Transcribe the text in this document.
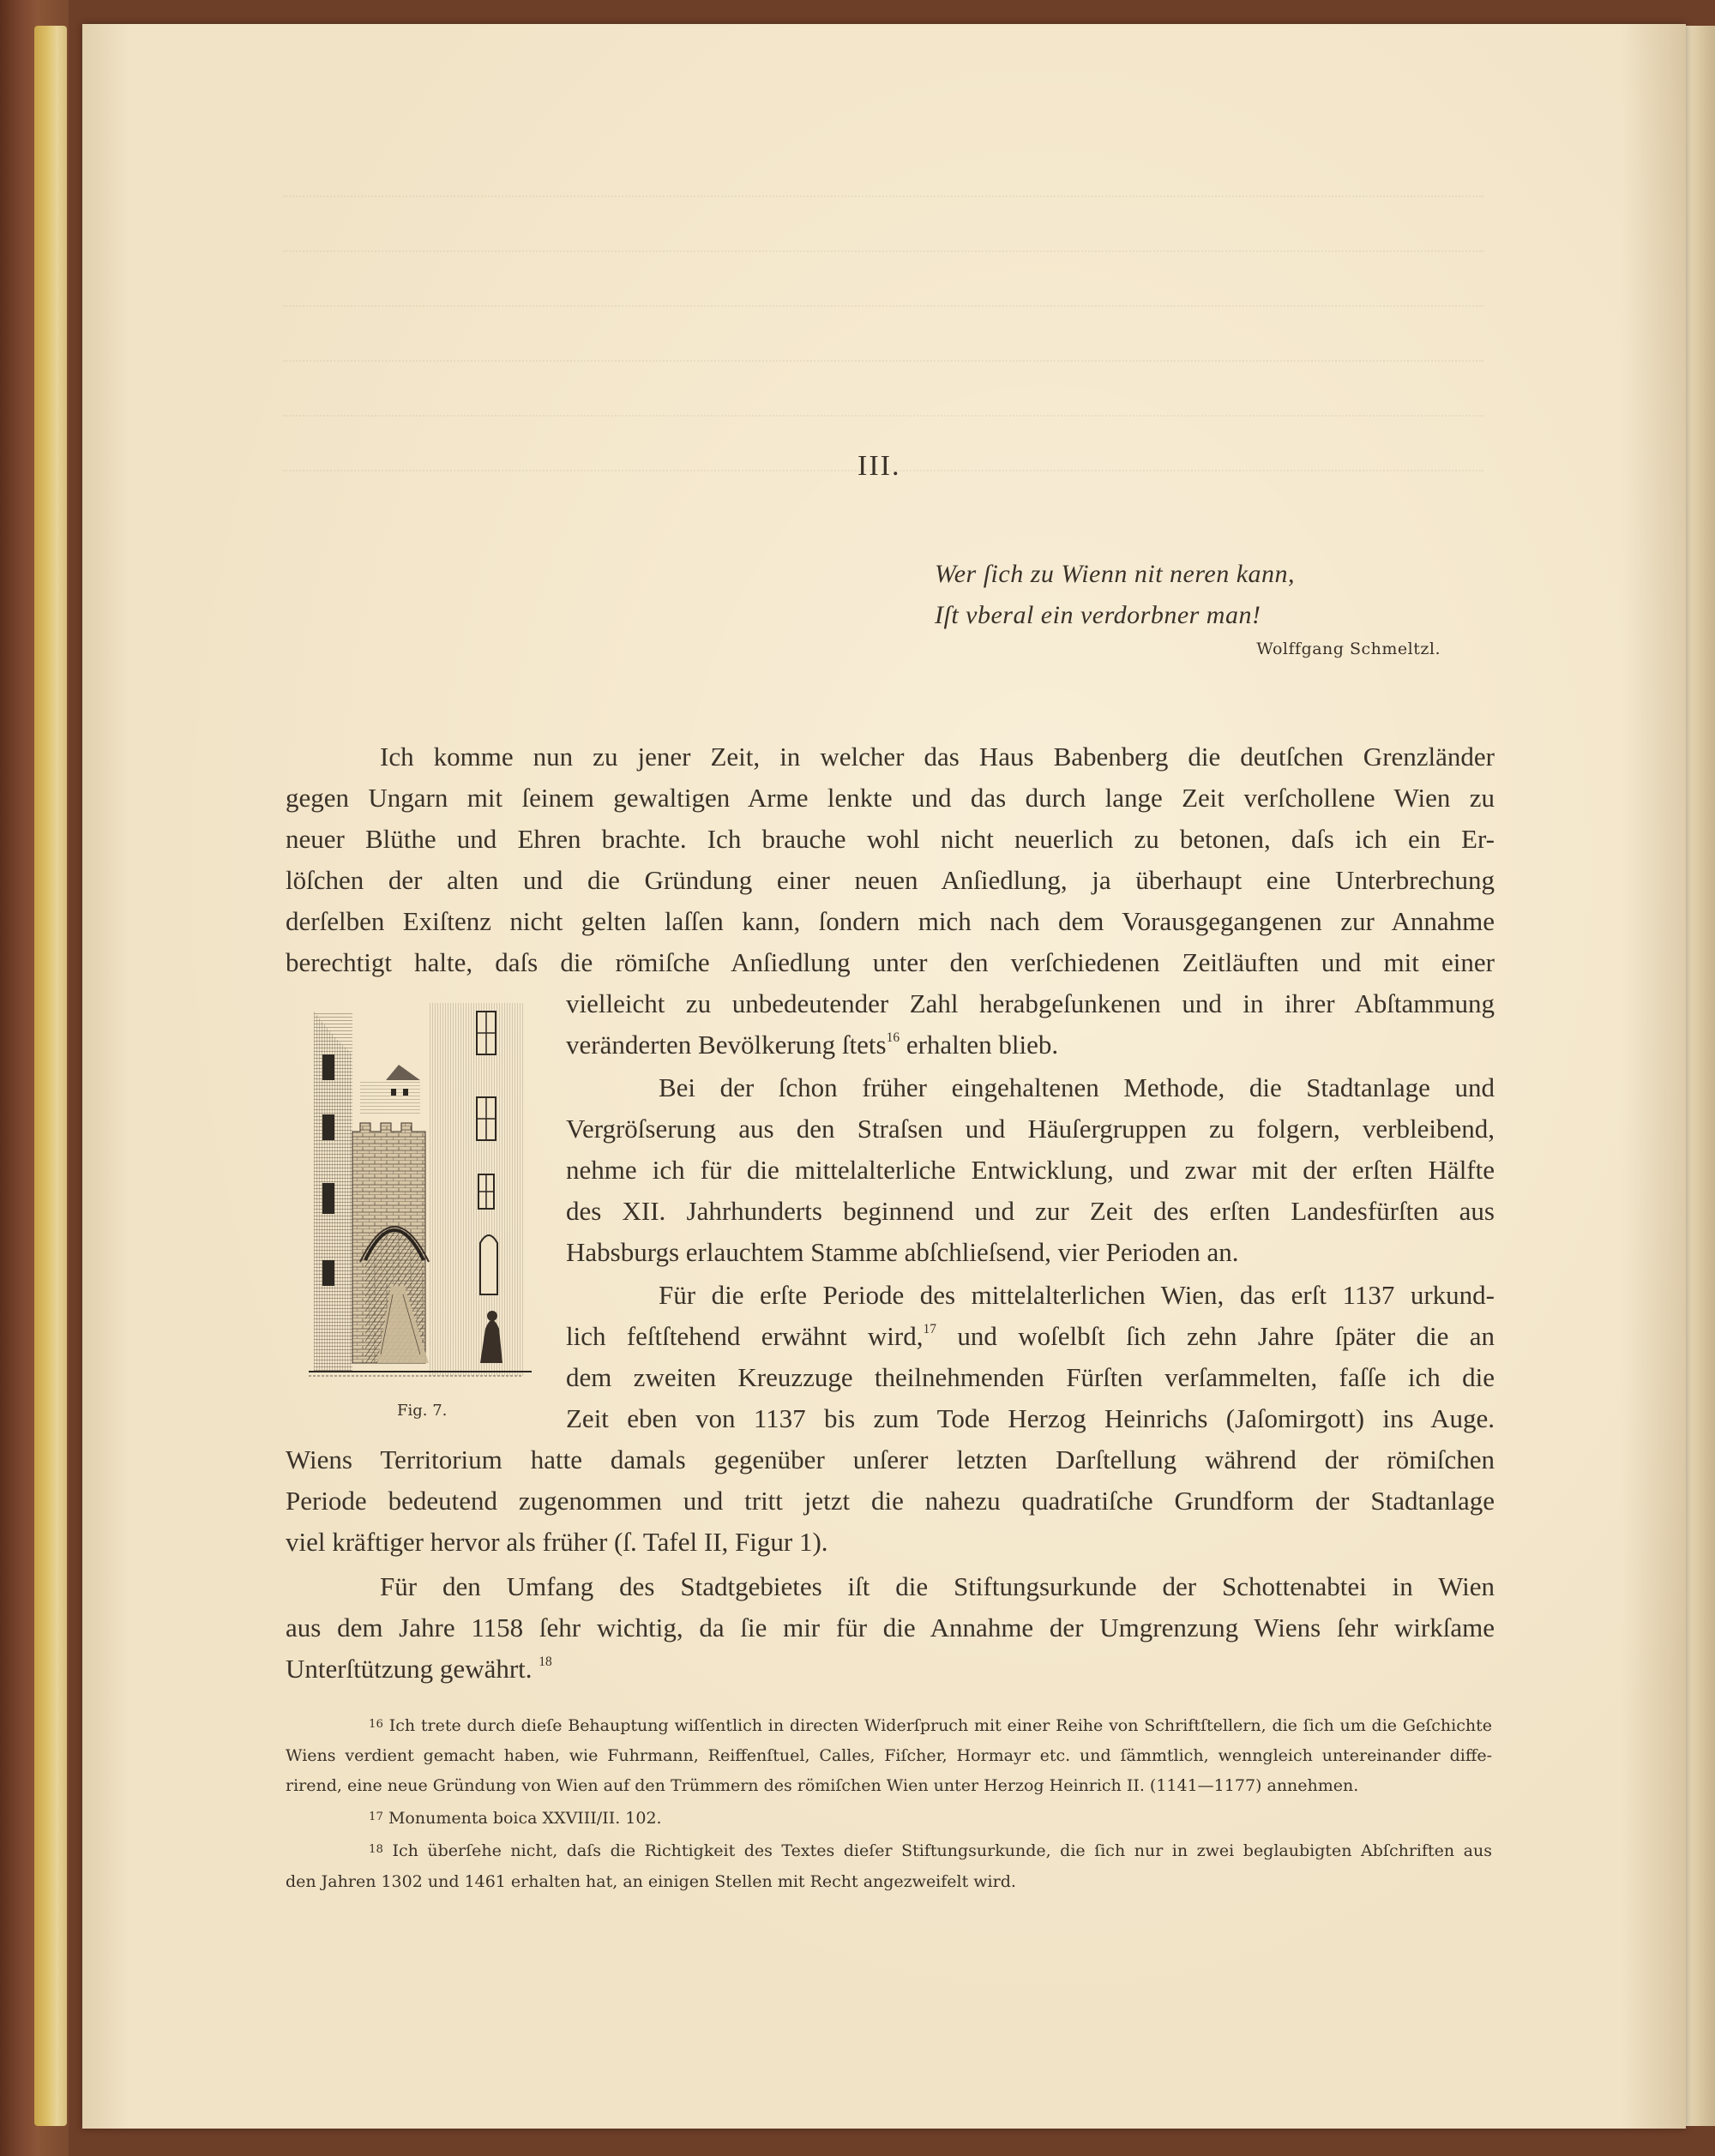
III.
Wer ſich zu Wienn nit neren kann,
Iſt vberal ein verdorbner man!
Wolffgang Schmeltzl.
Ich komme nun zu jener Zeit, in welcher das Haus Babenberg die deutſchen Grenzländer
gegen Ungarn mit ſeinem gewaltigen Arme lenkte und das durch lange Zeit verſchollene Wien zu
neuer Blüthe und Ehren brachte. Ich brauche wohl nicht neuerlich zu betonen, daſs ich ein Er-
löſchen der alten und die Gründung einer neuen Anſiedlung, ja überhaupt eine Unterbrechung
derſelben Exiſtenz nicht gelten laſſen kann, ſondern mich nach dem Vorausgegangenen zur Annahme
berechtigt halte, daſs die römiſche Anſiedlung unter den verſchiedenen Zeitläuften und mit einer
vielleicht zu unbedeutender Zahl herabgeſunkenen und in ihrer Abſtammung
veränderten Bevölkerung ſtets$^{16}$ erhalten blieb.
Bei der ſchon früher eingehaltenen Methode, die Stadtanlage und
Vergröſserung aus den Straſsen und Häuſergruppen zu folgern, verbleibend,
nehme ich für die mittelalterliche Entwicklung, und zwar mit der erſten Hälfte
des XII. Jahrhunderts beginnend und zur Zeit des erſten Landesfürſten aus
Habsburgs erlauchtem Stamme abſchlieſsend, vier Perioden an.
Für die erſte Periode des mittelalterlichen Wien, das erſt 1137 urkund-
lich feſtſtehend erwähnt wird,$^{17}$ und woſelbſt ſich zehn Jahre ſpäter die an
dem zweiten Kreuzzuge theilnehmenden Fürſten verſammelten, faſſe ich die
Zeit eben von 1137 bis zum Tode Herzog Heinrichs (Jaſomirgott) ins Auge.
Wiens Territorium hatte damals gegenüber unſerer letzten Darſtellung während der römiſchen
Periode bedeutend zugenommen und tritt jetzt die nahezu quadratiſche Grundform der Stadtanlage
viel kräftiger hervor als früher (ſ. Tafel II, Figur 1).
Für den Umfang des Stadtgebietes iſt die Stiftungsurkunde der Schottenabtei in Wien
aus dem Jahre 1158 ſehr wichtig, da ſie mir für die Annahme der Umgrenzung Wiens ſehr wirkſame
Unterſtützung gewährt. $^{18}$
Fig. 7.
$^{16}$ Ich trete durch dieſe Behauptung wiſſentlich in directen Widerſpruch mit einer Reihe von Schriftſtellern, die ſich um die Geſchichte
Wiens verdient gemacht haben, wie Fuhrmann, Reiffenſtuel, Calles, Fiſcher, Hormayr etc. und ſämmtlich, wenngleich untereinander diffe-
rirend, eine neue Gründung von Wien auf den Trümmern des römiſchen Wien unter Herzog Heinrich II. (1141—1177) annehmen.
$^{17}$ Monumenta boica XXVIII/II. 102.
$^{18}$ Ich überſehe nicht, daſs die Richtigkeit des Textes dieſer Stiftungsurkunde, die ſich nur in zwei beglaubigten Abſchriften aus
den Jahren 1302 und 1461 erhalten hat, an einigen Stellen mit Recht angezweifelt wird.
